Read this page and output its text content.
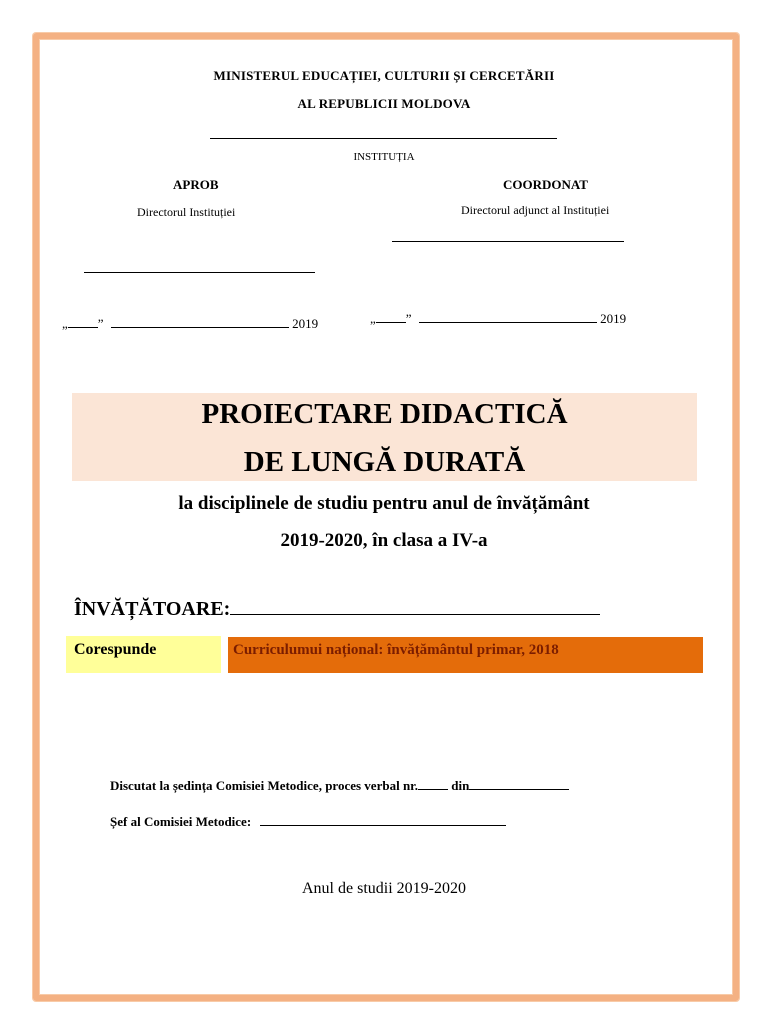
MINISTERUL EDUCAȚIEI, CULTURII ȘI CERCETĂRII
AL REPUBLICII MOLDOVA
INSTITUȚIA
APROB
Directorul Instituției
„ ”	2019
COORDONAT
Directorul adjunct al Instituției
„ ”	2019
PROIECTARE DIDACTICĂ
DE LUNGĂ DURATĂ
la disciplinele de studiu pentru anul de învățământ
2019-2020, în clasa a IV-a
ÎNVĂȚĂTOARE:
Corespunde	Curriculumui național: învățământul primar, 2018
Discutat la ședința Comisiei Metodice, proces verbal nr.	din
Șef al Comisiei Metodice:
Anul de studii 2019-2020
